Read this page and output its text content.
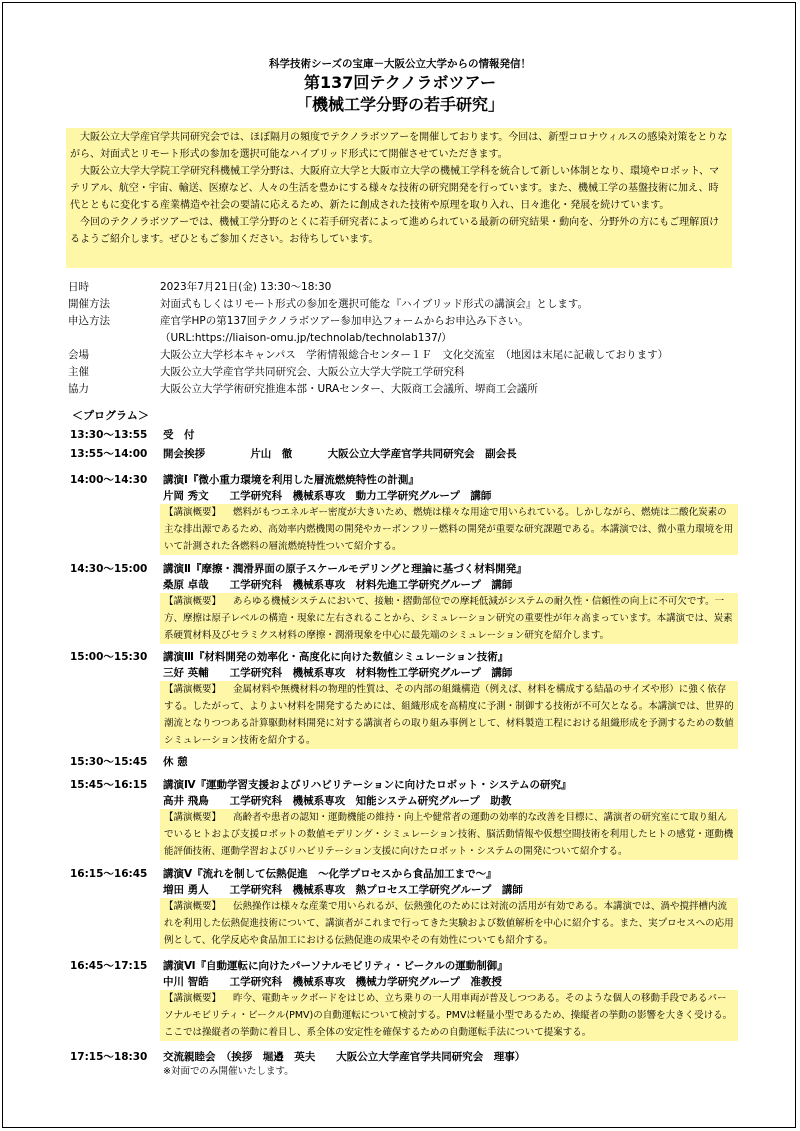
科学技術シーズの宝庫－大阪公立大学からの情報発信！
第137回テクノラボツアー
「機械工学分野の若手研究」

大阪公立大学産官学共同研究会では、ほぼ隔月の頻度でテクノラボツアーを開催しております。今回は、新型コロナウィルスの感染対策をとりながら、対面式とリモート形式の参加を選択可能なハイブリッド形式にて開催させていただきます。

大阪公立大学大学院工学研究科機械工学分野は、大阪府立大学と大阪市立大学の機械工学科を統合して新しい体制となり、環境やロボット、マテリアル、航空・宇宙、輸送、医療など、人々の生活を豊かにする様々な技術の研究開発を行っています。また、機械工学の基盤技術に加え、時代とともに変化する産業構造や社会の要請に応えるため、新たに創成された技術や原理を取り入れ、日々進化・発展を続けています。

今回のテクノラボツアーでは、機械工学分野のとくに若手研究者によって進められている最新の研究結果・動向を、分野外の方にもご理解頂けるようご紹介します。ぜひともご参加ください。お待ちしています。

日時	2023年7月21日(金) 13:30～18:30
開催方法	対面式もしくはリモート形式の参加を選択可能な『ハイブリッド形式の講演会』とします。
申込方法	産官学HPの第137回テクノラボツアー参加申込フォームからお申込み下さい。
（URL:https://liaison-omu.jp/technolab/technolab137/）
会場	大阪公立大学杉本キャンパス　学術情報総合センター１Ｆ　文化交流室　（地図は末尾に記載しております）
主催	大阪公立大学産官学共同研究会、大阪公立大学大学院工学研究科
協力	大阪公立大学学術研究推進本部・URAセンター、大阪商工会議所、堺商工会議所
＜プログラム＞
13:30～13:55	受　付
13:55～14:00	開会挨拶	片山　徹	大阪公立大学産官学共同研究会　副会長
14:00～14:30	講演Ⅰ『微小重力環境を利用した層流燃焼特性の計測』
片岡 秀文　　工学研究科　機械系専攻　動力工学研究グループ　講師
【講演概要】 燃料がもつエネルギー密度が大きいため、燃焼は様々な用途で用いられている。しかしながら、燃焼は二酸化炭素の主な排出源であるため、高効率内燃機関の開発やカーボンフリー燃料の開発が重要な研究課題である。本講演では、微小重力環境を用いて計測された各燃料の層流燃焼特性ついて紹介する。
14:30～15:00	講演Ⅱ『摩擦・潤滑界面の原子スケールモデリングと理論に基づく材料開発』
桑原 卓哉　　工学研究科　機械系専攻　材料先進工学研究グループ　講師
【講演概要】 あらゆる機械システムにおいて、接触・摺動部位での摩耗低減がシステムの耐久性・信頼性の向上に不可欠です。一方、摩擦は原子レベルの構造・現象に左右されることから、シミュレーション研究の重要性が年々高まっています。本講演では、炭素系硬質材料及びセラミクス材料の摩擦・潤滑現象を中心に最先端のシミュレーション研究を紹介します。
15:00～15:30	講演Ⅲ『材料開発の効率化・高度化に向けた数値シミュレーション技術』
三好 英輔　　工学研究科　機械系専攻　材料物性工学研究グループ　講師
【講演概要】 金属材料や無機材料の物理的性質は、その内部の組織構造（例えば、材料を構成する結晶のサイズや形）に強く依存する。したがって、よりよい材料を開発するためには、組織形成を高精度に予測・制御する技術が不可欠となる。本講演では、世界的潮流となりつつある計算駆動材料開発に対する講演者らの取り組み事例として、材料製造工程における組織形成を予測するための数値シミュレーション技術を紹介する。
15:30～15:45	休 憩
15:45～16:15	講演Ⅳ『運動学習支援およびリハビリテーションに向けたロボット・システムの研究』
高井 飛鳥　　工学研究科　機械系専攻　知能システム研究グループ　助教
【講演概要】 高齢者や患者の認知・運動機能の維持・向上や健常者の運動の効率的な改善を目標に、講演者の研究室にて取り組んでいるヒトおよび支援ロボットの数値モデリング・シミュレーション技術、脳活動情報や仮想空間技術を利用したヒトの感覚・運動機能評価技術、運動学習およびリハビリテーション支援に向けたロボット・システムの開発について紹介する。
16:15～16:45	講演Ⅴ『流れを制して伝熱促進　～化学プロセスから食品加工まで～』
増田 勇人　　工学研究科　機械系専攻　熱プロセス工学研究グループ　講師
【講演概要】 伝熱操作は様々な産業で用いられるが、伝熱強化のためには対流の活用が有効である。本講演では、渦や撹拌槽内流れを利用した伝熱促進技術について、講演者がこれまで行ってきた実験および数値解析を中心に紹介する。また、実プロセスへの応用例として、化学反応や食品加工における伝熱促進の成果やその有効性についても紹介する。
16:45～17:15	講演Ⅵ『自動運転に向けたパーソナルモビリティ・ビークルの運動制御』
中川 智皓　　工学研究科　機械系専攻　機械力学研究グループ　准教授
【講演概要】 昨今、電動キックボードをはじめ、立ち乗りの一人用車両が普及しつつある。そのような個人の移動手段であるパーソナルモビリティ・ビークル(PMV)の自動運転について検討する。PMVは軽量小型であるため、操縦者の挙動の影響を大きく受ける。ここでは操縦者の挙動に着目し、系全体の安定性を確保するための自動運転手法について提案する。
17:15～18:30	交流親睦会　（挨拶　堀邉　英夫　　大阪公立大学産官学共同研究会　理事）
※対面でのみ開催いたします。
